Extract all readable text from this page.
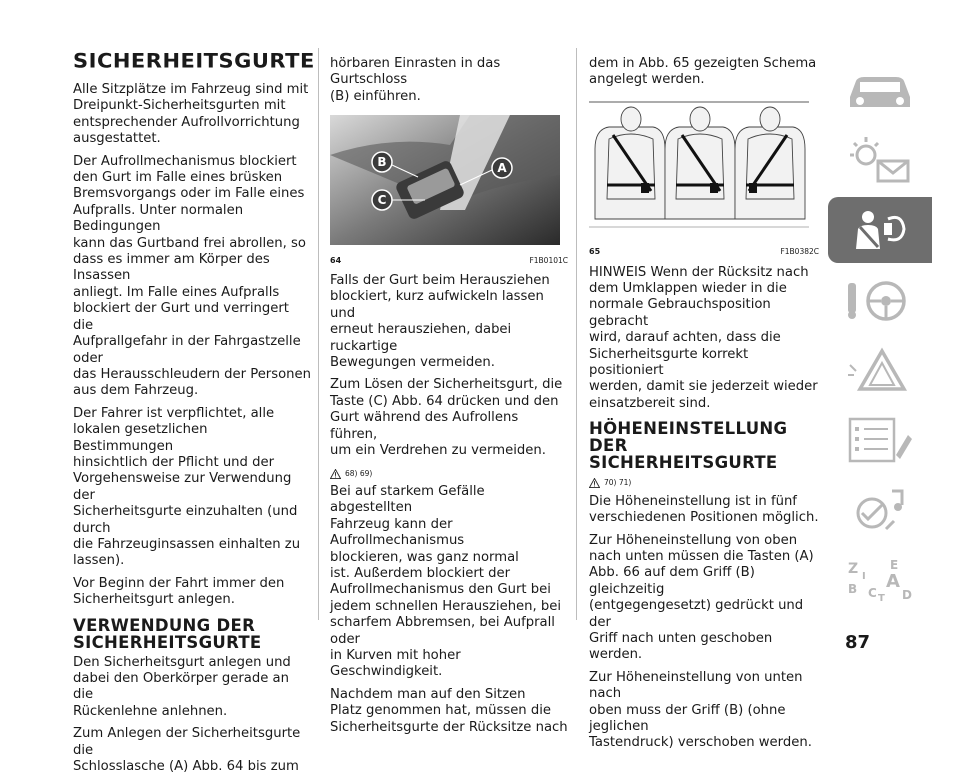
SICHERHEITSGURTE

Alle Sitzplätze im Fahrzeug sind mit
Dreipunkt-Sicherheitsgurten mit
entsprechender Aufrollvorrichtung
ausgestattet.

Der Aufrollmechanismus blockiert
den Gurt im Falle eines brüsken
Bremsvorgangs oder im Falle eines
Aufpralls. Unter normalen Bedingungen
kann das Gurtband frei abrollen, so
dass es immer am Körper des Insassen
anliegt. Im Falle eines Aufpralls
blockiert der Gurt und verringert die
Aufprallgefahr in der Fahrgastzelle oder
das Herausschleudern der Personen
aus dem Fahrzeug.

Der Fahrer ist verpflichtet, alle
lokalen gesetzlichen Bestimmungen
hinsichtlich der Pflicht und der
Vorgehensweise zur Verwendung der
Sicherheitsgurte einzuhalten (und durch
die Fahrzeuginsassen einhalten zu
lassen).

Vor Beginn der Fahrt immer den
Sicherheitsgurt anlegen.

VERWENDUNG DER
SICHERHEITSGURTE

Den Sicherheitsgurt anlegen und
dabei den Oberkörper gerade an die
Rückenlehne anlehnen.

Zum Anlegen der Sicherheitsgurte die
Schlosslasche (A) Abb. 64 bis zum

hörbaren Einrasten in das Gurtschloss
(B) einführen.

B	A
C
64	F1B0101C

Falls der Gurt beim Herausziehen
blockiert, kurz aufwickeln lassen und
erneut herausziehen, dabei ruckartige
Bewegungen vermeiden.

Zum Lösen der Sicherheitsgurt, die
Taste (C) Abb. 64 drücken und den
Gurt während des Aufrollens führen,
um ein Verdrehen zu vermeiden.

68) 69)

Bei auf starkem Gefälle abgestellten
Fahrzeug kann der Aufrollmechanismus
blockieren, was ganz normal
ist. Außerdem blockiert der
Aufrollmechanismus den Gurt bei
jedem schnellen Herausziehen, bei
scharfem Abbremsen, bei Aufprall oder
in Kurven mit hoher Geschwindigkeit.

Nachdem man auf den Sitzen
Platz genommen hat, müssen die
Sicherheitsgurte der Rücksitze nach

dem in Abb. 65 gezeigten Schema
angelegt werden.

65	F1B0382C

HINWEIS Wenn der Rücksitz nach
dem Umklappen wieder in die
normale Gebrauchsposition gebracht
wird, darauf achten, dass die
Sicherheitsgurte korrekt positioniert
werden, damit sie jederzeit wieder
einsatzbereit sind.

HÖHENEINSTELLUNG
DER SICHERHEITSGURTE
70) 71)

Die Höheneinstellung ist in fünf
verschiedenen Positionen möglich.

Zur Höheneinstellung von oben
nach unten müssen die Tasten (A)
Abb. 66 auf dem Griff (B) gleichzeitig
(entgegengesetzt) gedrückt und der
Griff nach unten geschoben werden.

Zur Höheneinstellung von unten nach
oben muss der Griff (B) (ohne jeglichen
Tastendruck) verschoben werden.

Z	E
B C
A
I
T D
87
